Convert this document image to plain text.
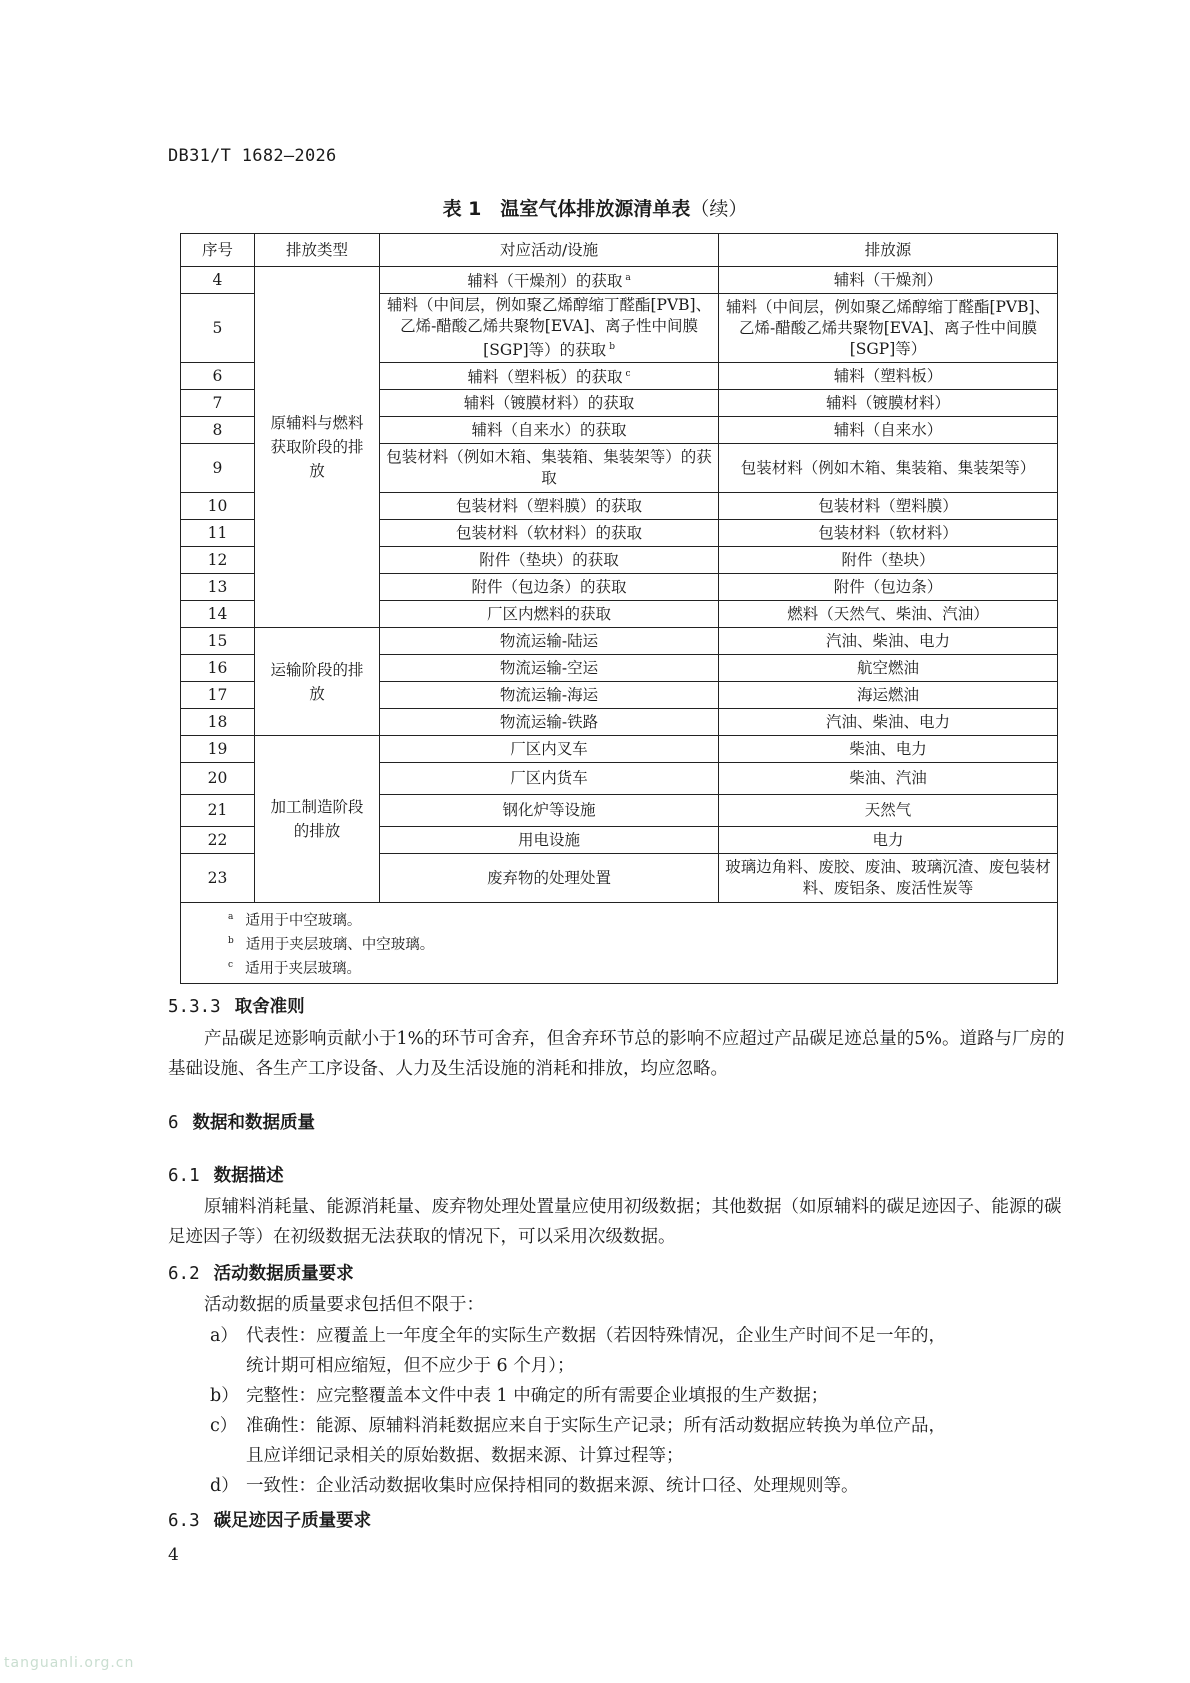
DB31/T 1682—2026
表 1　温室气体排放源清单表（续）
序号	排放类型	对应活动/设施	排放源
4	原辅料与燃料获取阶段的排放	辅料（干燥剂）的获取 $^a$	辅料（干燥剂）
5		辅料（中间层，例如聚乙烯醇缩丁醛酯[PVB]、乙烯-醋酸乙烯共聚物[EVA]、离子性中间膜[SGP]等）的获取 $^b$	辅料（中间层，例如聚乙烯醇缩丁醛酯[PVB]、乙烯-醋酸乙烯共聚物[EVA]、离子性中间膜[SGP]等）
6		辅料（塑料板）的获取 $^c$	辅料（塑料板）
7		辅料（镀膜材料）的获取	辅料（镀膜材料）
8		辅料（自来水）的获取	辅料（自来水）
9		包装材料（例如木箱、集装箱、集装架等）的获取	包装材料（例如木箱、集装箱、集装架等）
10		包装材料（塑料膜）的获取	包装材料（塑料膜）
11		包装材料（软材料）的获取	包装材料（软材料）
12		附件（垫块）的获取	附件（垫块）
13		附件（包边条）的获取	附件（包边条）
14		厂区内燃料的获取	燃料（天然气、柴油、汽油）
15	运输阶段的排放	物流运输-陆运	汽油、柴油、电力
16		物流运输-空运	航空燃油
17		物流运输-海运	海运燃油
18		物流运输-铁路	汽油、柴油、电力
19	加工制造阶段的排放	厂区内叉车	柴油、电力
20		厂区内货车	柴油、汽油
21		钢化炉等设施	天然气
22		用电设施	电力
23		废弃物的处理处置	玻璃边角料、废胶、废油、玻璃沉渣、废包装材料、废铝条、废活性炭等

$^a$ 适用于中空玻璃。
$^b$ 适用于夹层玻璃、中空玻璃。
$^c$ 适用于夹层玻璃。			
5.3.3 取舍准则
产品碳足迹影响贡献小于1%的环节可舍弃，但舍弃环节总的影响不应超过产品碳足迹总量的5%。道路与厂房的基础设施、各生产工序设备、人力及生活设施的消耗和排放，均应忽略。
6 数据和数据质量
6.1 数据描述
原辅料消耗量、能源消耗量、废弃物处理处置量应使用初级数据；其他数据（如原辅料的碳足迹因子、能源的碳足迹因子等）在初级数据无法获取的情况下，可以采用次级数据。
6.2 活动数据质量要求
活动数据的质量要求包括但不限于：
a） 代表性：应覆盖上一年度全年的实际生产数据（若因特殊情况，企业生产时间不足一年的，
统计期可相应缩短，但不应少于 6 个月）；
b） 完整性：应完整覆盖本文件中表 1 中确定的所有需要企业填报的生产数据；
c） 准确性：能源、原辅料消耗数据应来自于实际生产记录；所有活动数据应转换为单位产品，
且应详细记录相关的原始数据、数据来源、计算过程等；
d） 一致性：企业活动数据收集时应保持相同的数据来源、统计口径、处理规则等。
6.3 碳足迹因子质量要求
4
tanguanli.org.cn
